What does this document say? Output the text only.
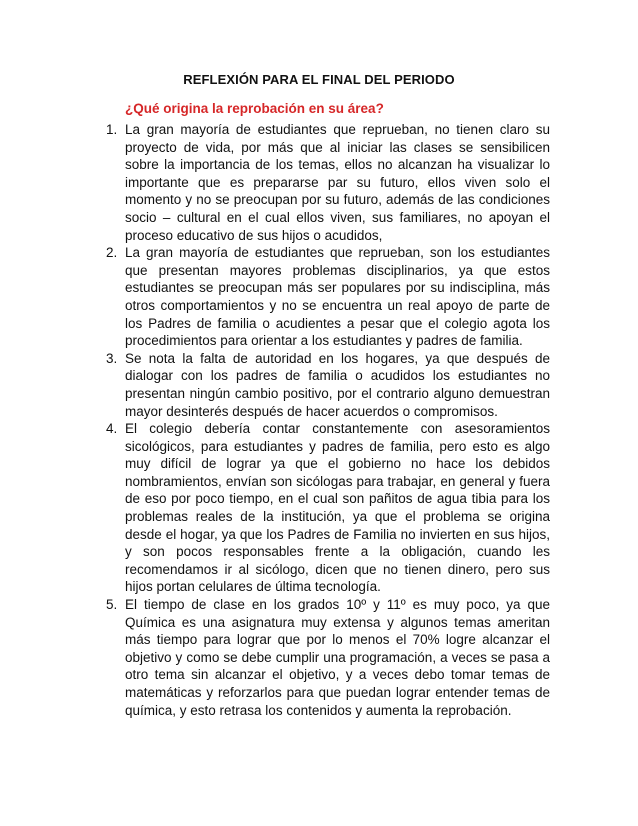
REFLEXIÓN PARA EL FINAL DEL PERIODO
¿Qué origina la reprobación en su área?
1. La gran mayoría de estudiantes que reprueban, no tienen claro su proyecto de vida, por más que al iniciar las clases se sensibilicen sobre la importancia de los temas, ellos no alcanzan ha visualizar lo importante que es prepararse par su futuro, ellos viven solo el momento y no se preocupan por su futuro, además de las condiciones socio – cultural en el cual ellos viven, sus familiares, no apoyan el proceso educativo de sus hijos o acudidos,
2. La gran mayoría de estudiantes que reprueban, son los estudiantes que presentan mayores problemas disciplinarios, ya que estos estudiantes se preocupan más ser populares por su indisciplina, más otros comportamientos y no se encuentra un real apoyo de parte de los Padres de familia o acudientes a pesar que el colegio agota los procedimientos para orientar a los estudiantes y padres de familia.
3. Se nota la falta de autoridad en los hogares, ya que después de dialogar con los padres de familia o acudidos los estudiantes no presentan ningún cambio positivo, por el contrario alguno demuestran mayor desinterés después de hacer acuerdos o compromisos.
4. El colegio debería contar constantemente con asesoramientos sicológicos, para estudiantes y padres de familia, pero esto es algo muy difícil de lograr ya que el gobierno no hace los debidos nombramientos, envían son sicólogas para trabajar, en general y fuera de eso por poco tiempo, en el cual son pañitos de agua tibia para los problemas reales de la institución, ya que el problema se origina desde el hogar, ya que los Padres de Familia no invierten en sus hijos, y son pocos responsables frente a la obligación, cuando les recomendamos ir al sicólogo, dicen que no tienen dinero, pero sus hijos portan celulares de última tecnología.
5. El tiempo de clase en los grados 10º y 11º es muy poco, ya que Química es una asignatura muy extensa y algunos temas ameritan más tiempo para lograr que por lo menos el 70% logre alcanzar el objetivo y como se debe cumplir una programación, a veces se pasa a otro tema sin alcanzar el objetivo, y a veces debo tomar temas de matemáticas y reforzarlos para que puedan lograr entender temas de química, y esto retrasa los contenidos y aumenta la reprobación.
